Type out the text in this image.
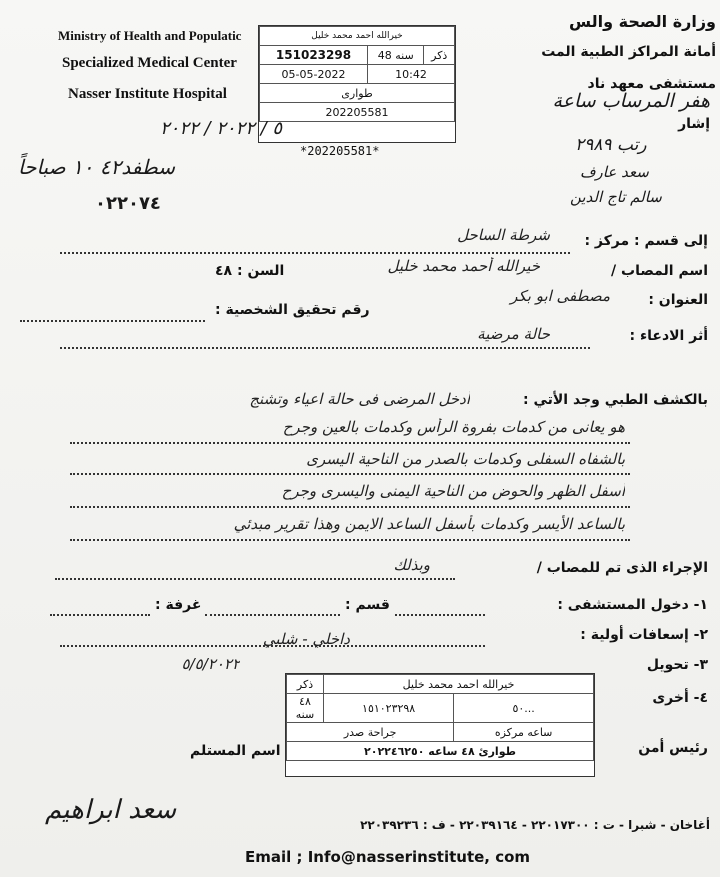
Ministry of Health and Populatic
Specialized Medical Center
Nasser Institute Hospital
وزارة الصحة والس
أمانة المراكز الطبية المت
مستشفى معهد ناد
إشار
خيرالله احمد محمد خليل		
151023298	سنه 48	ذكر
05-05-2022	10:42	
طوارى		
202205581		
*202205581*
٥ / ٢٠٢٢ / ٢٠٢٢
سطفد٤٢ ١٠ صباحاً
٠٢٢٠٧٤
هفر المرساب ساعة
رتب ٢٩٨٩
سعد عارف
سالم تاج الدين
إلى قسم : مركز :
شرطة الساحل
اسم المصاب /
السن : ٤٨	خيرالله أحمد محمد خليل
العنوان :
مصطفى ابو بكر
رقم تحقيق الشخصية :
أثر الادعاء :
حالة مرضية
بالكشف الطبي وجد الأتي :
أدخل المرضى فى حالة اعياء وتشنج
هو يعانى من كدمات بفروة الرأس وكدمات بالعين وجرح
بالشفاه السفلى وكدمات بالصدر من الناحية اليسرى
أسفل الظهر والحوض من الناحية اليمنى واليسرى وجرح
بالساعد الأيسر وكدمات بأسفل الساعد الايمن وهذا تقرير مبدئي
الإجراء الذى تم للمصاب /
وبذلك
١- دخول المستشفى :
قسم :
غرفة :
٢- إسعافات أولية :
داخلي - شلبي
٥/٥/٢٠٢٢	٣- تحويل
٤- أخرى
رئيس أمن
اسم المستلم
ذكر	خيرالله احمد محمد خليل	
٤٨ سنه	١٥١٠٢٣٢٩٨	٥٠...
جراحة صدر		ساعه مركزه
طوارئ ٤٨ ساعه ٢٠٢٢٤٦٢٥٠		
سعد ابراهيم	أغاخان - شبرا - ت : ٢٢٠١٧٣٠٠ - ٢٢٠٣٩١٦٤ - ف : ٢٢٠٣٩٢٣٦
Email ; Info@nasserinstitute, com
